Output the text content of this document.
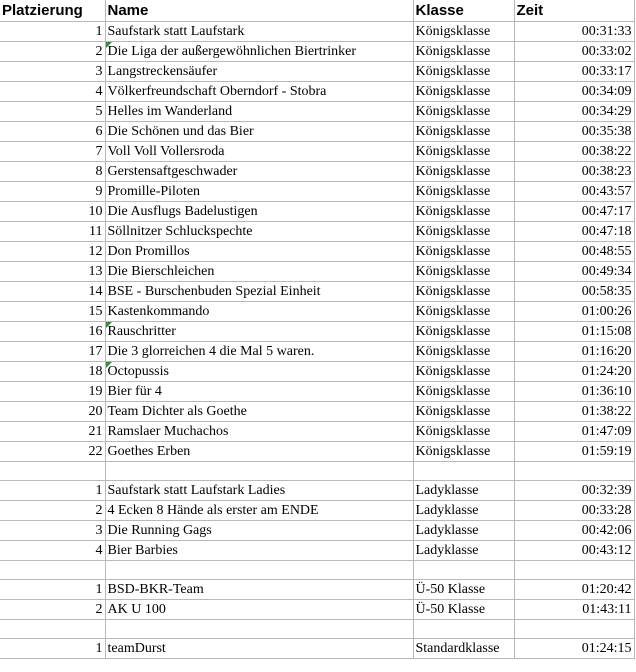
Platzierung	Name	Klasse	Zeit
1	Saufstark statt Laufstark	Königsklasse	00:31:33
2	Die Liga der außergewöhnlichen Biertrinker	Königsklasse	00:33:02
3	Langstreckensäufer	Königsklasse	00:33:17
4	Völkerfreundschaft Oberndorf - Stobra	Königsklasse	00:34:09
5	Helles im Wanderland	Königsklasse	00:34:29
6	Die Schönen und das Bier	Königsklasse	00:35:38
7	Voll Voll Vollersroda	Königsklasse	00:38:22
8	Gerstensaftgeschwader	Königsklasse	00:38:23
9	Promille-Piloten	Königsklasse	00:43:57
10	Die Ausflugs Badelustigen	Königsklasse	00:47:17
11	Söllnitzer Schluckspechte	Königsklasse	00:47:18
12	Don Promillos	Königsklasse	00:48:55
13	Die Bierschleichen	Königsklasse	00:49:34
14	BSE - Burschenbuden Spezial Einheit	Königsklasse	00:58:35
15	Kastenkommando	Königsklasse	01:00:26
16	Rauschritter	Königsklasse	01:15:08
17	Die 3 glorreichen 4 die Mal 5 waren.	Königsklasse	01:16:20
18	Octopussis	Königsklasse	01:24:20
19	Bier für 4	Königsklasse	01:36:10
20	Team Dichter als Goethe	Königsklasse	01:38:22
21	Ramslaer Muchachos	Königsklasse	01:47:09
22	Goethes Erben	Königsklasse	01:59:19

1	Saufstark statt Laufstark Ladies	Ladyklasse	00:32:39
2	4 Ecken 8 Hände als erster am ENDE	Ladyklasse	00:33:28
3	Die Running Gags	Ladyklasse	00:42:06
4	Bier Barbies	Ladyklasse	00:43:12

1	BSD-BKR-Team	Ü-50 Klasse	01:20:42
2	AK U 100	Ü-50 Klasse	01:43:11

1	teamDurst	Standardklasse	01:24:15
